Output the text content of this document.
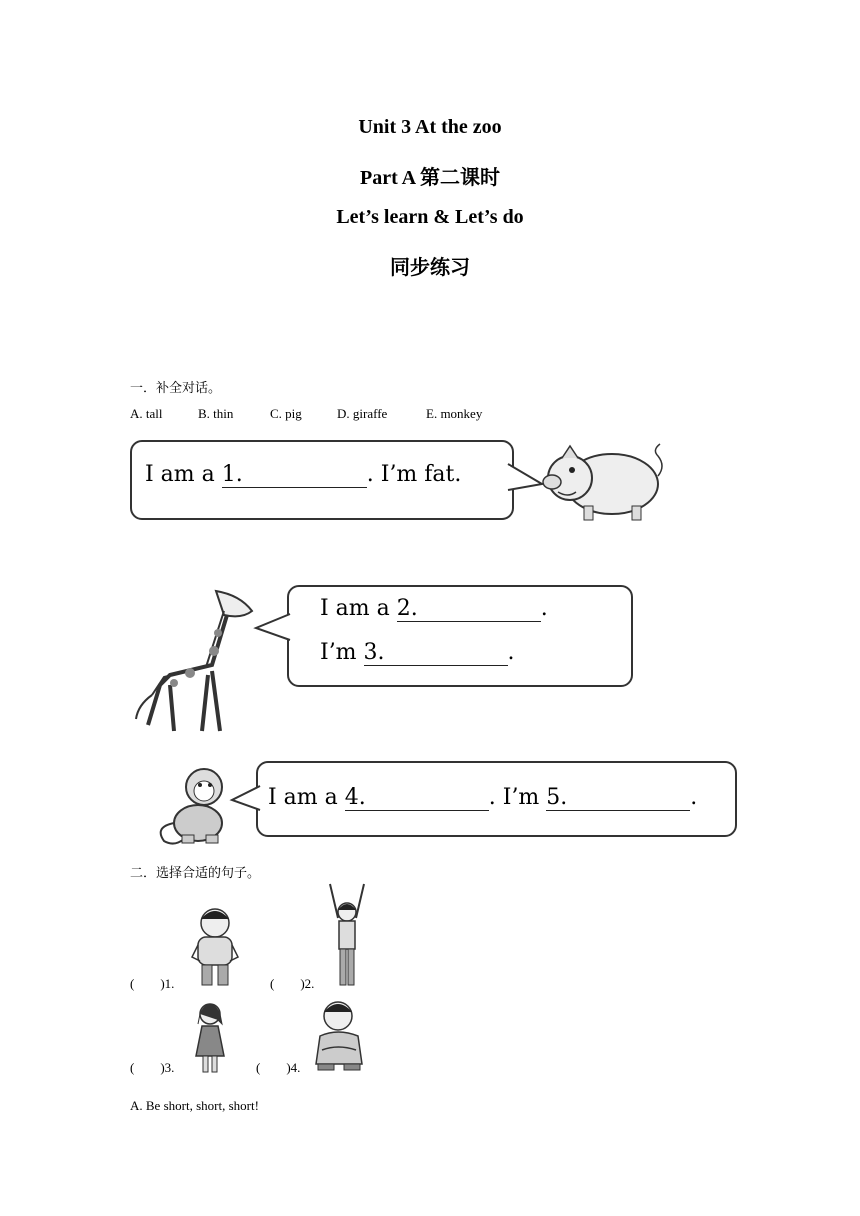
Unit 3 At the zoo
Part A 第二课时
Let’s learn & Let’s do
同步练习
一．补全对话。
A. tall	B. thin	C. pig	D. giraffe	E. monkey
I am a 1.	. I’m fat.
I am a 2.	.
I’m 3.	.
I am a 4.	. I’m 5.	.
二．选择合适的句子。
( )1.	( )2.
( )3.	( )4.
A. Be short, short, short!
